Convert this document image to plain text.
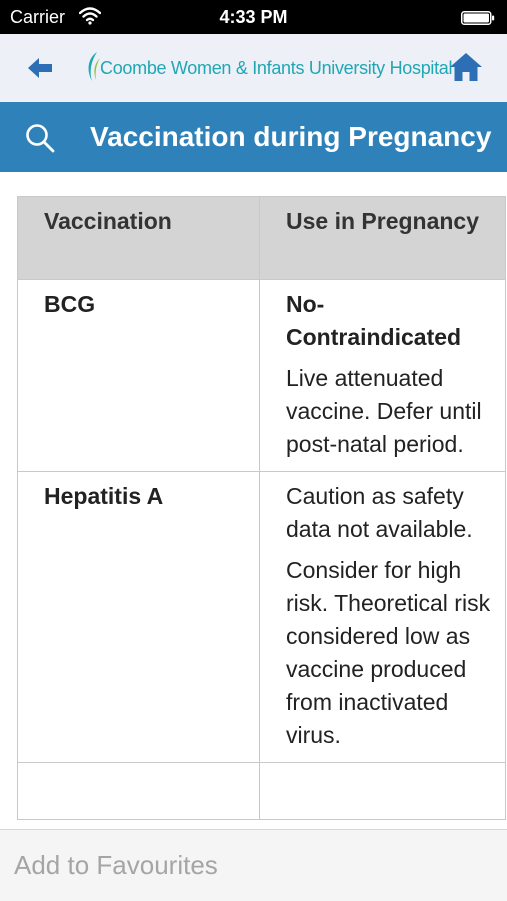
Carrier	4:33 PM
Coombe Women & Infants University Hospital
Vaccination during Pregnancy
Vaccination	Use in Pregnancy
BCG	No-Contraindicated
Live attenuated vaccine. Defer until post-natal period.

Hepatitis A	Caution as safety data not available.
Consider for high risk. Theoretical risk considered low as vaccine produced from inactivated virus.

Add to Favourites
